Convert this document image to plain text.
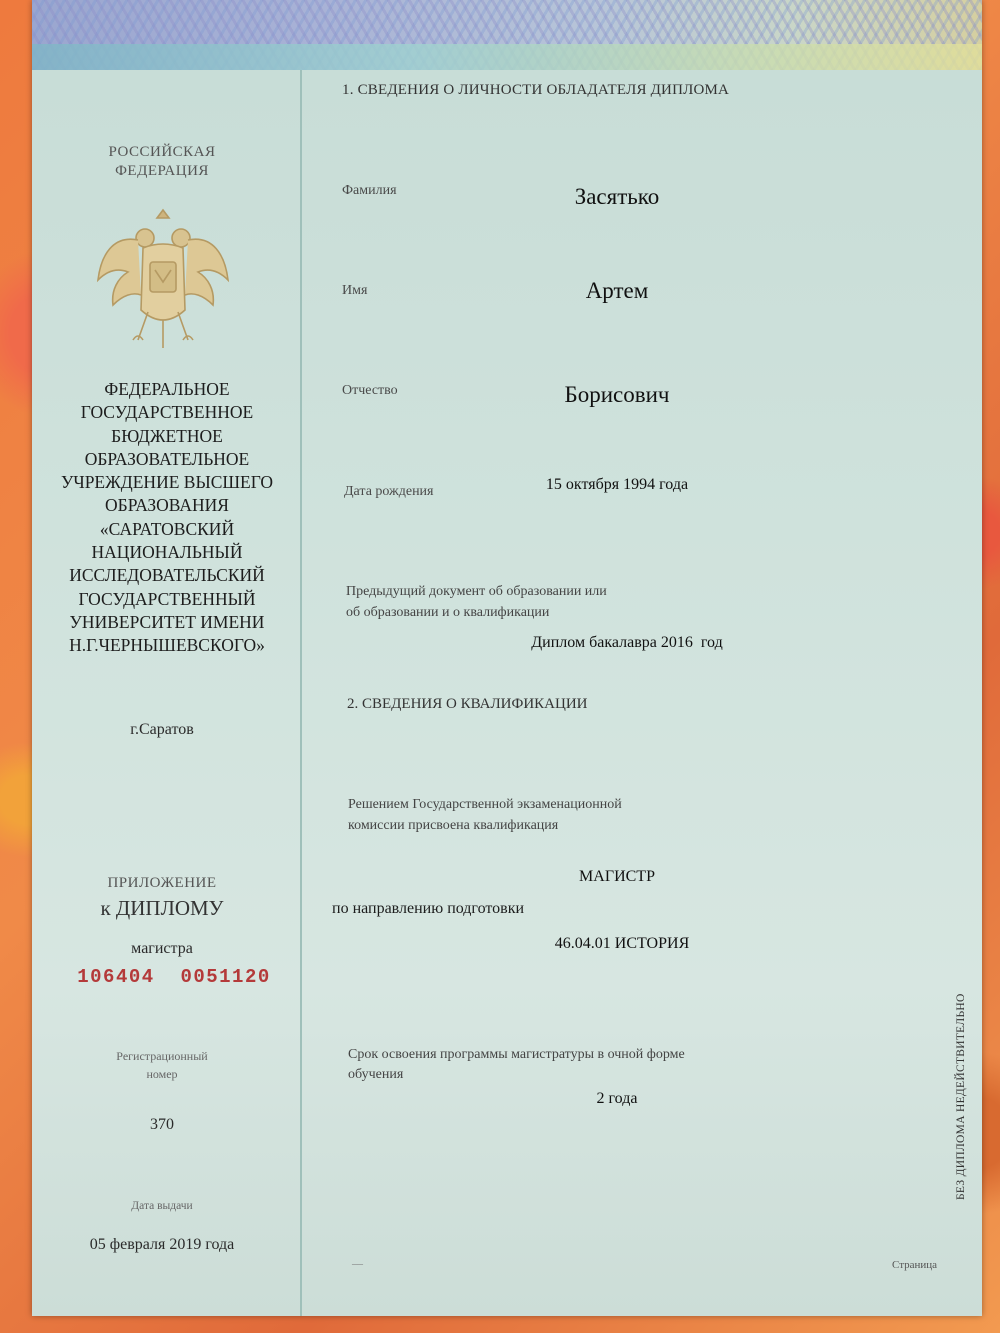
РОССИЙСКАЯ
ФЕДЕРАЦИЯ
ФЕДЕРАЛЬНОЕ ГОСУДАРСТВЕННОЕ БЮДЖЕТНОЕ ОБРАЗОВАТЕЛЬНОЕ УЧРЕЖДЕНИЕ ВЫСШЕГО ОБРАЗОВАНИЯ «САРАТОВСКИЙ НАЦИОНАЛЬНЫЙ ИССЛЕДОВАТЕЛЬСКИЙ ГОСУДАРСТВЕННЫЙ УНИВЕРСИТЕТ ИМЕНИ Н.Г.ЧЕРНЫШЕВСКОГО»
г.Саратов
ПРИЛОЖЕНИЕ
к ДИПЛОМУ
магистра
106404  0051120
Регистрационный
номер
370
Дата выдачи
05 февраля 2019 года
1. СВЕДЕНИЯ О ЛИЧНОСТИ ОБЛАДАТЕЛЯ ДИПЛОМА
Фамилия	Засятько
Имя	Артем
Отчество	Борисович
Дата рождения	15 октября 1994 года
Предыдущий документ об образовании или
об образовании и о квалификации
Диплом бакалавра 2016  год
2. СВЕДЕНИЯ О КВАЛИФИКАЦИИ
Решением Государственной экзаменационной
комиссии присвоена квалификация
МАГИСТР
по направлению подготовки
46.04.01 ИСТОРИЯ
Срок освоения программы магистратуры в очной форме
обучения
2 года	БЕЗ ДИПЛОМА НЕДЕЙСТВИТЕЛЬНО
__	Страница
